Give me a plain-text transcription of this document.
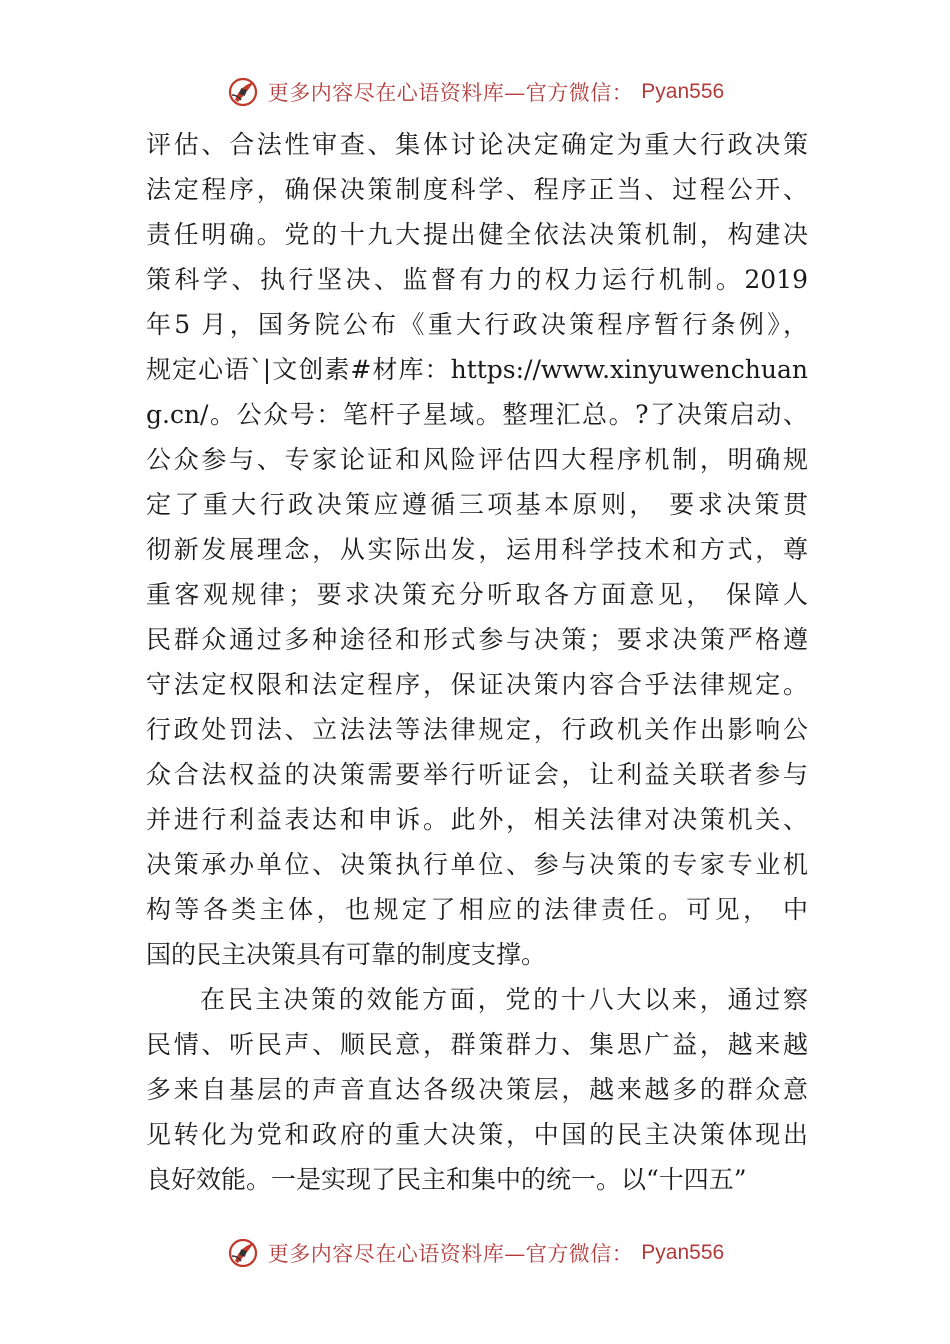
更多内容尽在心语资料库—官方微信： Pyan556
评估、合法性审查、集体讨论决定确定为重大行政决策
法定程序，确保决策制度科学、程序正当、过程公开、
责任明确。党的十九大提出健全依法决策机制，构建决
策科学、执行坚决、监督有力的权力运行机制。2019
年5 月，国务院公布《重大行政决策程序暂行条例》，
规定心语`|文创素#材库：https://www.xinyuwenchuan
g.cn/。公众号：笔杆子星域。整理汇总。?了决策启动、
公众参与、专家论证和风险评估四大程序机制，明确规
定了重大行政决策应遵循三项基本原则， 要求决策贯
彻新发展理念，从实际出发，运用科学技术和方式，尊
重客观规律；要求决策充分听取各方面意见， 保障人
民群众通过多种途径和形式参与决策；要求决策严格遵
守法定权限和法定程序，保证决策内容合乎法律规定。
行政处罚法、立法法等法律规定，行政机关作出影响公
众合法权益的决策需要举行听证会，让利益关联者参与
并进行利益表达和申诉。此外，相关法律对决策机关、
决策承办单位、决策执行单位、参与决策的专家专业机
构等各类主体，也规定了相应的法律责任。可见， 中
国的民主决策具有可靠的制度支撑。
在民主决策的效能方面，党的十八大以来，通过察
民情、听民声、顺民意，群策群力、集思广益，越来越
多来自基层的声音直达各级决策层，越来越多的群众意
见转化为党和政府的重大决策，中国的民主决策体现出
良好效能。一是实现了民主和集中的统一。以“十四五”
更多内容尽在心语资料库—官方微信： Pyan556
